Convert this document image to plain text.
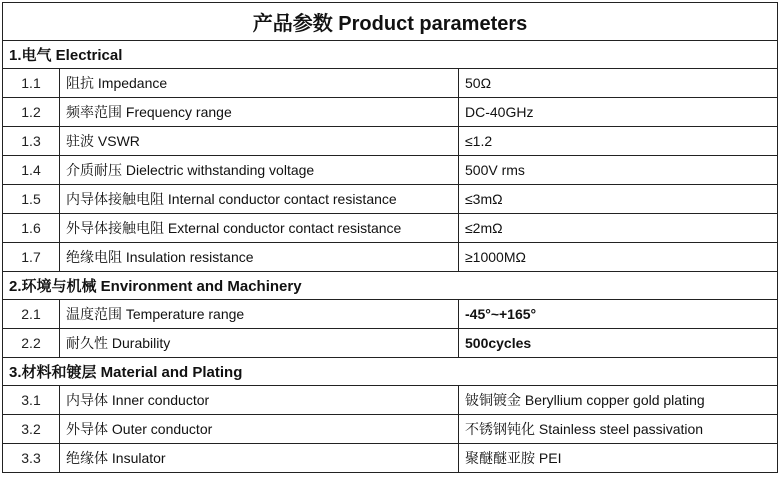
产品参数 Product parameters		
1.电气 Electrical		
1.1	阻抗 Impedance	50Ω
1.2	频率范围 Frequency range	DC-40GHz
1.3	驻波 VSWR	≤1.2
1.4	介质耐压 Dielectric withstanding voltage	500V rms
1.5	内导体接触电阻 Internal conductor contact resistance	≤3mΩ
1.6	外导体接触电阻 External conductor contact resistance	≤2mΩ
1.7	绝缘电阻 Insulation resistance	≥1000MΩ
2.环境与机械 Environment and Machinery		
2.1	温度范围 Temperature range	-45°~+165°
2.2	耐久性 Durability	500cycles
3.材料和镀层 Material and Plating		
3.1	内导体 Inner conductor	铍铜镀金 Beryllium copper gold plating
3.2	外导体 Outer conductor	不锈钢钝化 Stainless steel passivation
3.3	绝缘体 Insulator	聚醚醚亚胺 PEI
